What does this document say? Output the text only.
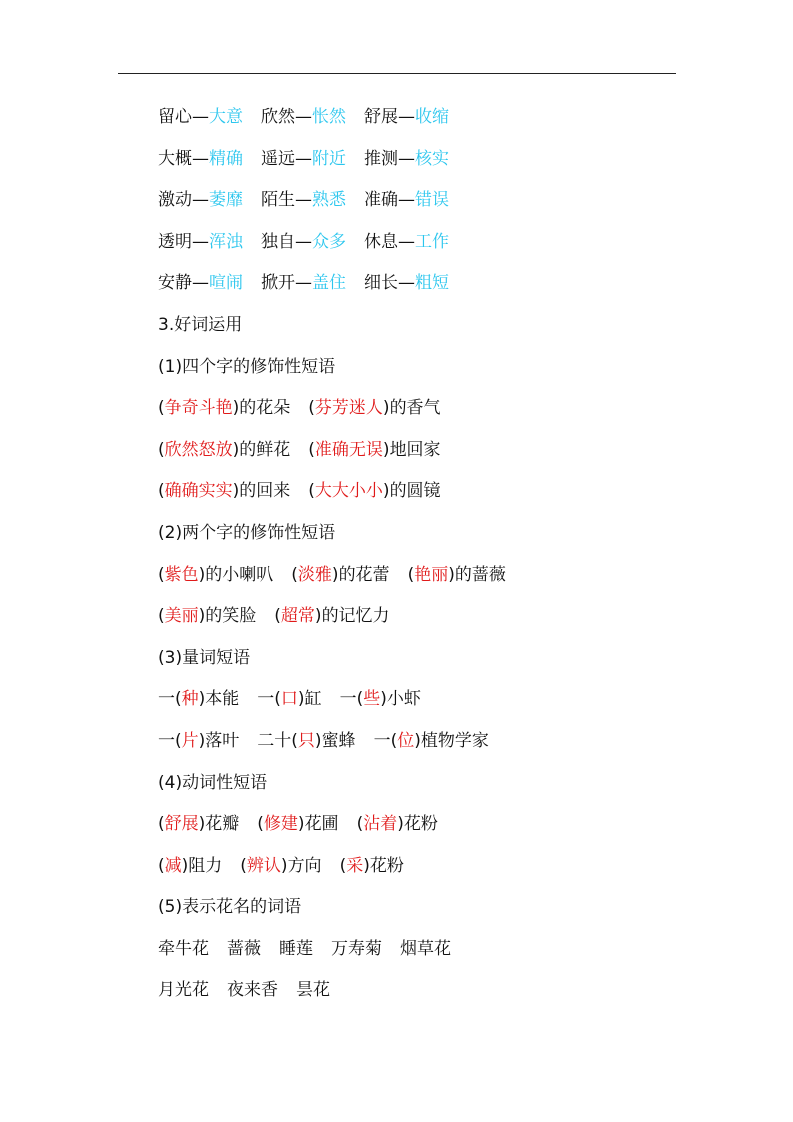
留心—大意 欣然—怅然 舒展—收缩
大概—精确 遥远—附近 推测—核实
激动—萎靡 陌生—熟悉 准确—错误
透明—浑浊 独自—众多 休息—工作
安静—喧闹 掀开—盖住 细长—粗短
3.好词运用
(1)四个字的修饰性短语
(争奇斗艳)的花朵 (芬芳迷人)的香气
(欣然怒放)的鲜花 (准确无误)地回家
(确确实实)的回来 (大大小小)的圆镜
(2)两个字的修饰性短语
(紫色)的小喇叭 (淡雅)的花蕾 (艳丽)的蔷薇
(美丽)的笑脸 (超常)的记忆力
(3)量词短语
一(种)本能 一(口)缸 一(些)小虾
一(片)落叶 二十(只)蜜蜂 一(位)植物学家
(4)动词性短语
(舒展)花瓣 (修建)花圃 (沾着)花粉
(减)阻力 (辨认)方向 (采)花粉
(5)表示花名的词语
牵牛花 蔷薇 睡莲 万寿菊 烟草花
月光花 夜来香 昙花
